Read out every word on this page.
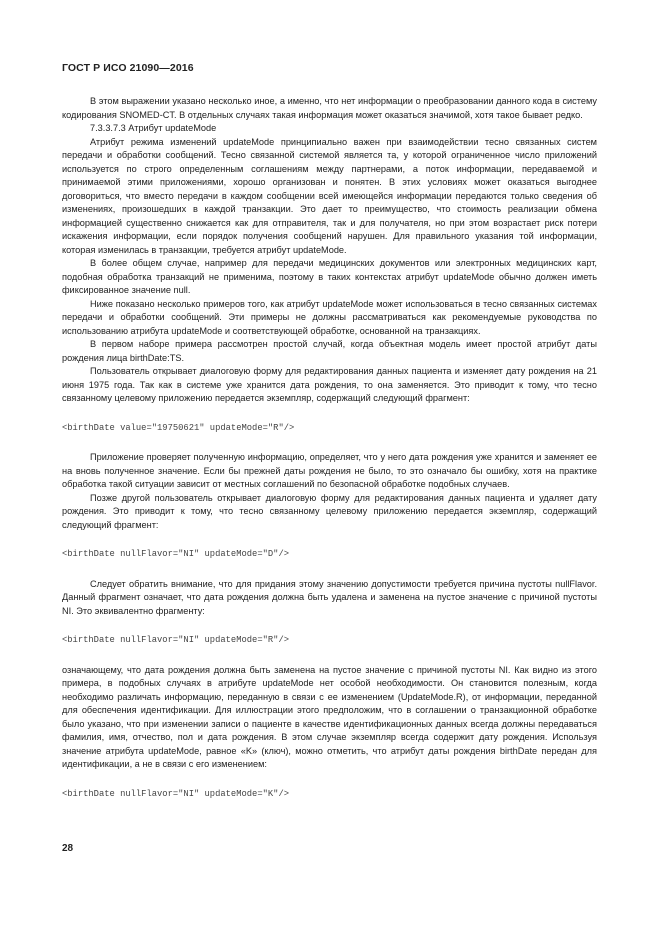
ГОСТ Р ИСО 21090—2016
В этом выражении указано несколько иное, а именно, что нет информации о преобразовании данного кода в систему кодирования SNOMED-CT. В отдельных случаях такая информация может оказаться значимой, хотя такое бывает редко.
7.3.3.7.3 Атрибут updateMode
Атрибут режима изменений updateMode принципиально важен при взаимодействии тесно связанных систем передачи и обработки сообщений. Тесно связанной системой является та, у которой ограниченное число приложений используется по строго определенным соглашениям между партнерами, а поток информации, передаваемой и принимаемой этими приложениями, хорошо организован и понятен. В этих условиях может оказаться выгоднее договориться, что вместо передачи в каждом сообщении всей имеющейся информации передаются только сведения об изменениях, произошедших в каждой транзакции. Это дает то преимущество, что стоимость реализации обмена информацией существенно снижается как для отправителя, так и для получателя, но при этом возрастает риск потери искажения информации, если порядок получения сообщений нарушен. Для правильного указания той информации, которая изменилась в транзакции, требуется атрибут updateMode.
В более общем случае, например для передачи медицинских документов или электронных медицинских карт, подобная обработка транзакций не применима, поэтому в таких контекстах атрибут updateMode обычно должен иметь фиксированное значение null.
Ниже показано несколько примеров того, как атрибут updateMode может использоваться в тесно связанных системах передачи и обработки сообщений. Эти примеры не должны рассматриваться как рекомендуемые руководства по использованию атрибута updateMode и соответствующей обработке, основанной на транзакциях.
В первом наборе примера рассмотрен простой случай, когда объектная модель имеет простой атрибут даты рождения лица birthDate:TS.
Пользователь открывает диалоговую форму для редактирования данных пациента и изменяет дату рождения на 21 июня 1975 года. Так как в системе уже хранится дата рождения, то она заменяется. Это приводит к тому, что тесно связанному целевому приложению передается экземпляр, содержащий следующий фрагмент:
<birthDate value="19750621" updateMode="R"/>
Приложение проверяет полученную информацию, определяет, что у него дата рождения уже хранится и заменяет ее на вновь полученное значение. Если бы прежней даты рождения не было, то это означало бы ошибку, хотя на практике обработка такой ситуации зависит от местных соглашений по безопасной обработке подобных случаев.
Позже другой пользователь открывает диалоговую форму для редактирования данных пациента и удаляет дату рождения. Это приводит к тому, что тесно связанному целевому приложению передается экземпляр, содержащий следующий фрагмент:
<birthDate nullFlavor="NI" updateMode="D"/>
Следует обратить внимание, что для придания этому значению допустимости требуется причина пустоты nullFlavor. Данный фрагмент означает, что дата рождения должна быть удалена и заменена на пустое значение с причиной пустоты NI. Это эквивалентно фрагменту:
<birthDate nullFlavor="NI" updateMode="R"/>
означающему, что дата рождения должна быть заменена на пустое значение с причиной пустоты NI. Как видно из этого примера, в подобных случаях в атрибуте updateMode нет особой необходимости. Он становится полезным, когда необходимо различать информацию, переданную в связи с ее изменением (UpdateMode.R), от информации, переданной для обеспечения идентификации. Для иллюстрации этого предположим, что в соглашении о транзакционной обработке было указано, что при изменении записи о пациенте в качестве идентификационных данных всегда должны передаваться фамилия, имя, отчество, пол и дата рождения. В этом случае экземпляр всегда содержит дату рождения. Используя значение атрибута updateMode, равное «K» (ключ), можно отметить, что атрибут даты рождения birthDate передан для идентификации, а не в связи с его изменением:
<birthDate nullFlavor="NI" updateMode="K"/>
28
